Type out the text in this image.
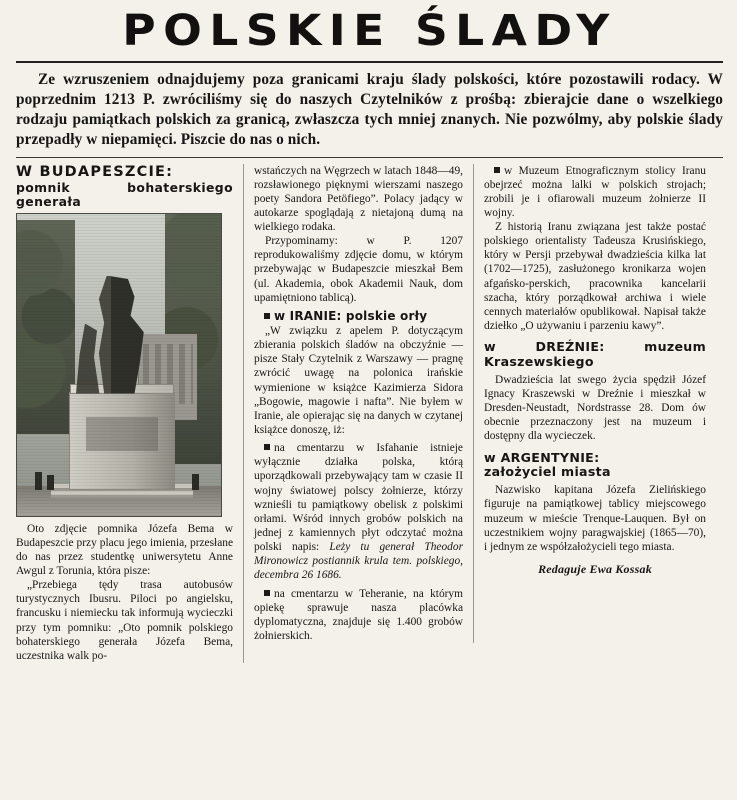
POLSKIE ŚLADY

Ze wzruszeniem odnajdujemy poza granicami kraju ślady polskości, które pozostawili rodacy. W poprzednim 1213 P. zwróciliśmy się do naszych Czytelników z prośbą: zbierajcie dane o wszelkiego rodzaju pamiątkach polskich za granicą, zwłaszcza tych mniej znanych. Nie pozwólmy, aby polskie ślady przepadły w niepamięci. Piszcie do nas o nich.

W BUDAPESZCIE:
pomnik bohaterskiego generała

Oto zdjęcie pomnika Józefa Bema w Budapeszcie przy placu jego imienia, przesłane do nas przez studentkę uniwersytetu Anne Awgul z Torunia, która pisze:

„Przebiega tędy trasa autobusów turystycznych Ibusru. Piloci po angielsku, francusku i niemiecku tak informują wycieczki przy tym pomniku: „Oto pomnik polskiego bohaterskiego generała Józefa Bema, uczestnika walk po-

wstańczych na Węgrzech w latach 1848—49, rozsławionego pięknymi wierszami naszego poety Sandora Petöfiego”. Polacy jadący w autokarze spoglądają z nietajoną dumą na wielkiego rodaka.

Przypominamy: w P. 1207 reprodukowaliśmy zdjęcie domu, w którym przebywając w Budapeszcie mieszkał Bem (ul. Akademia, obok Akademii Nauk, dom upamiętniono tablicą).

w IRANIE: polskie orły

„W związku z apelem P. dotyczącym zbierania polskich śladów na obczyźnie — pisze Stały Czytelnik z Warszawy — pragnę zwrócić uwagę na polonica irańskie wymienione w książce Kazimierza Sidora „Bogowie, magowie i nafta”. Nie byłem w Iranie, ale opierając się na danych w czytanej książce donoszę, iż:

na cmentarzu w Isfahanie istnieje wyłącznie działka polska, którą uporządkowali przebywający tam w czasie II wojny światowej polscy żołnierze, którzy wznieśli tu pamiątkowy obelisk z polskimi orłami. Wśród innych grobów polskich na jednej z kamiennych płyt odczytać można polski napis: Leży tu generał Theodor Mironowicz postiannik krula tem. polskiego, decembra 26 1686.

na cmentarzu w Teheranie, na którym opiekę sprawuje nasza placówka dyplomatyczna, znajduje się 1.400 grobów żołnierskich.

w Muzeum Etnograficznym stolicy Iranu obejrzeć można lalki w polskich strojach; zrobili je i ofiarowali muzeum żołnierze II wojny.

Z historią Iranu związana jest także postać polskiego orientalisty Tadeusza Krusińskiego, który w Persji przebywał dwadzieścia kilka lat (1702—1725), zasłużonego kronikarza wojen afgańsko-perskich, pracownika kancelarii szacha, który porządkował archiwa i wiele cennych materiałów opublikował. Napisał także dziełko „O używaniu i parzeniu kawy”.

w DREŹNIE: muzeum Kraszewskiego

Dwadzieścia lat swego życia spędził Józef Ignacy Kraszewski w Dreźnie i mieszkał w Dresden-Neustadt, Nordstrasse 28. Dom ów obecnie przeznaczony jest na muzeum i dostępny dla wycieczek.

w ARGENTYNIE:
założyciel miasta

Nazwisko kapitana Józefa Zielińskiego figuruje na pamiątkowej tablicy miejscowego muzeum w mieście Trenque-Lauquen. Był on uczestnikiem wojny paragwajskiej (1865—70), i jednym ze współzałożycieli tego miasta.

Redaguje Ewa Kossak
